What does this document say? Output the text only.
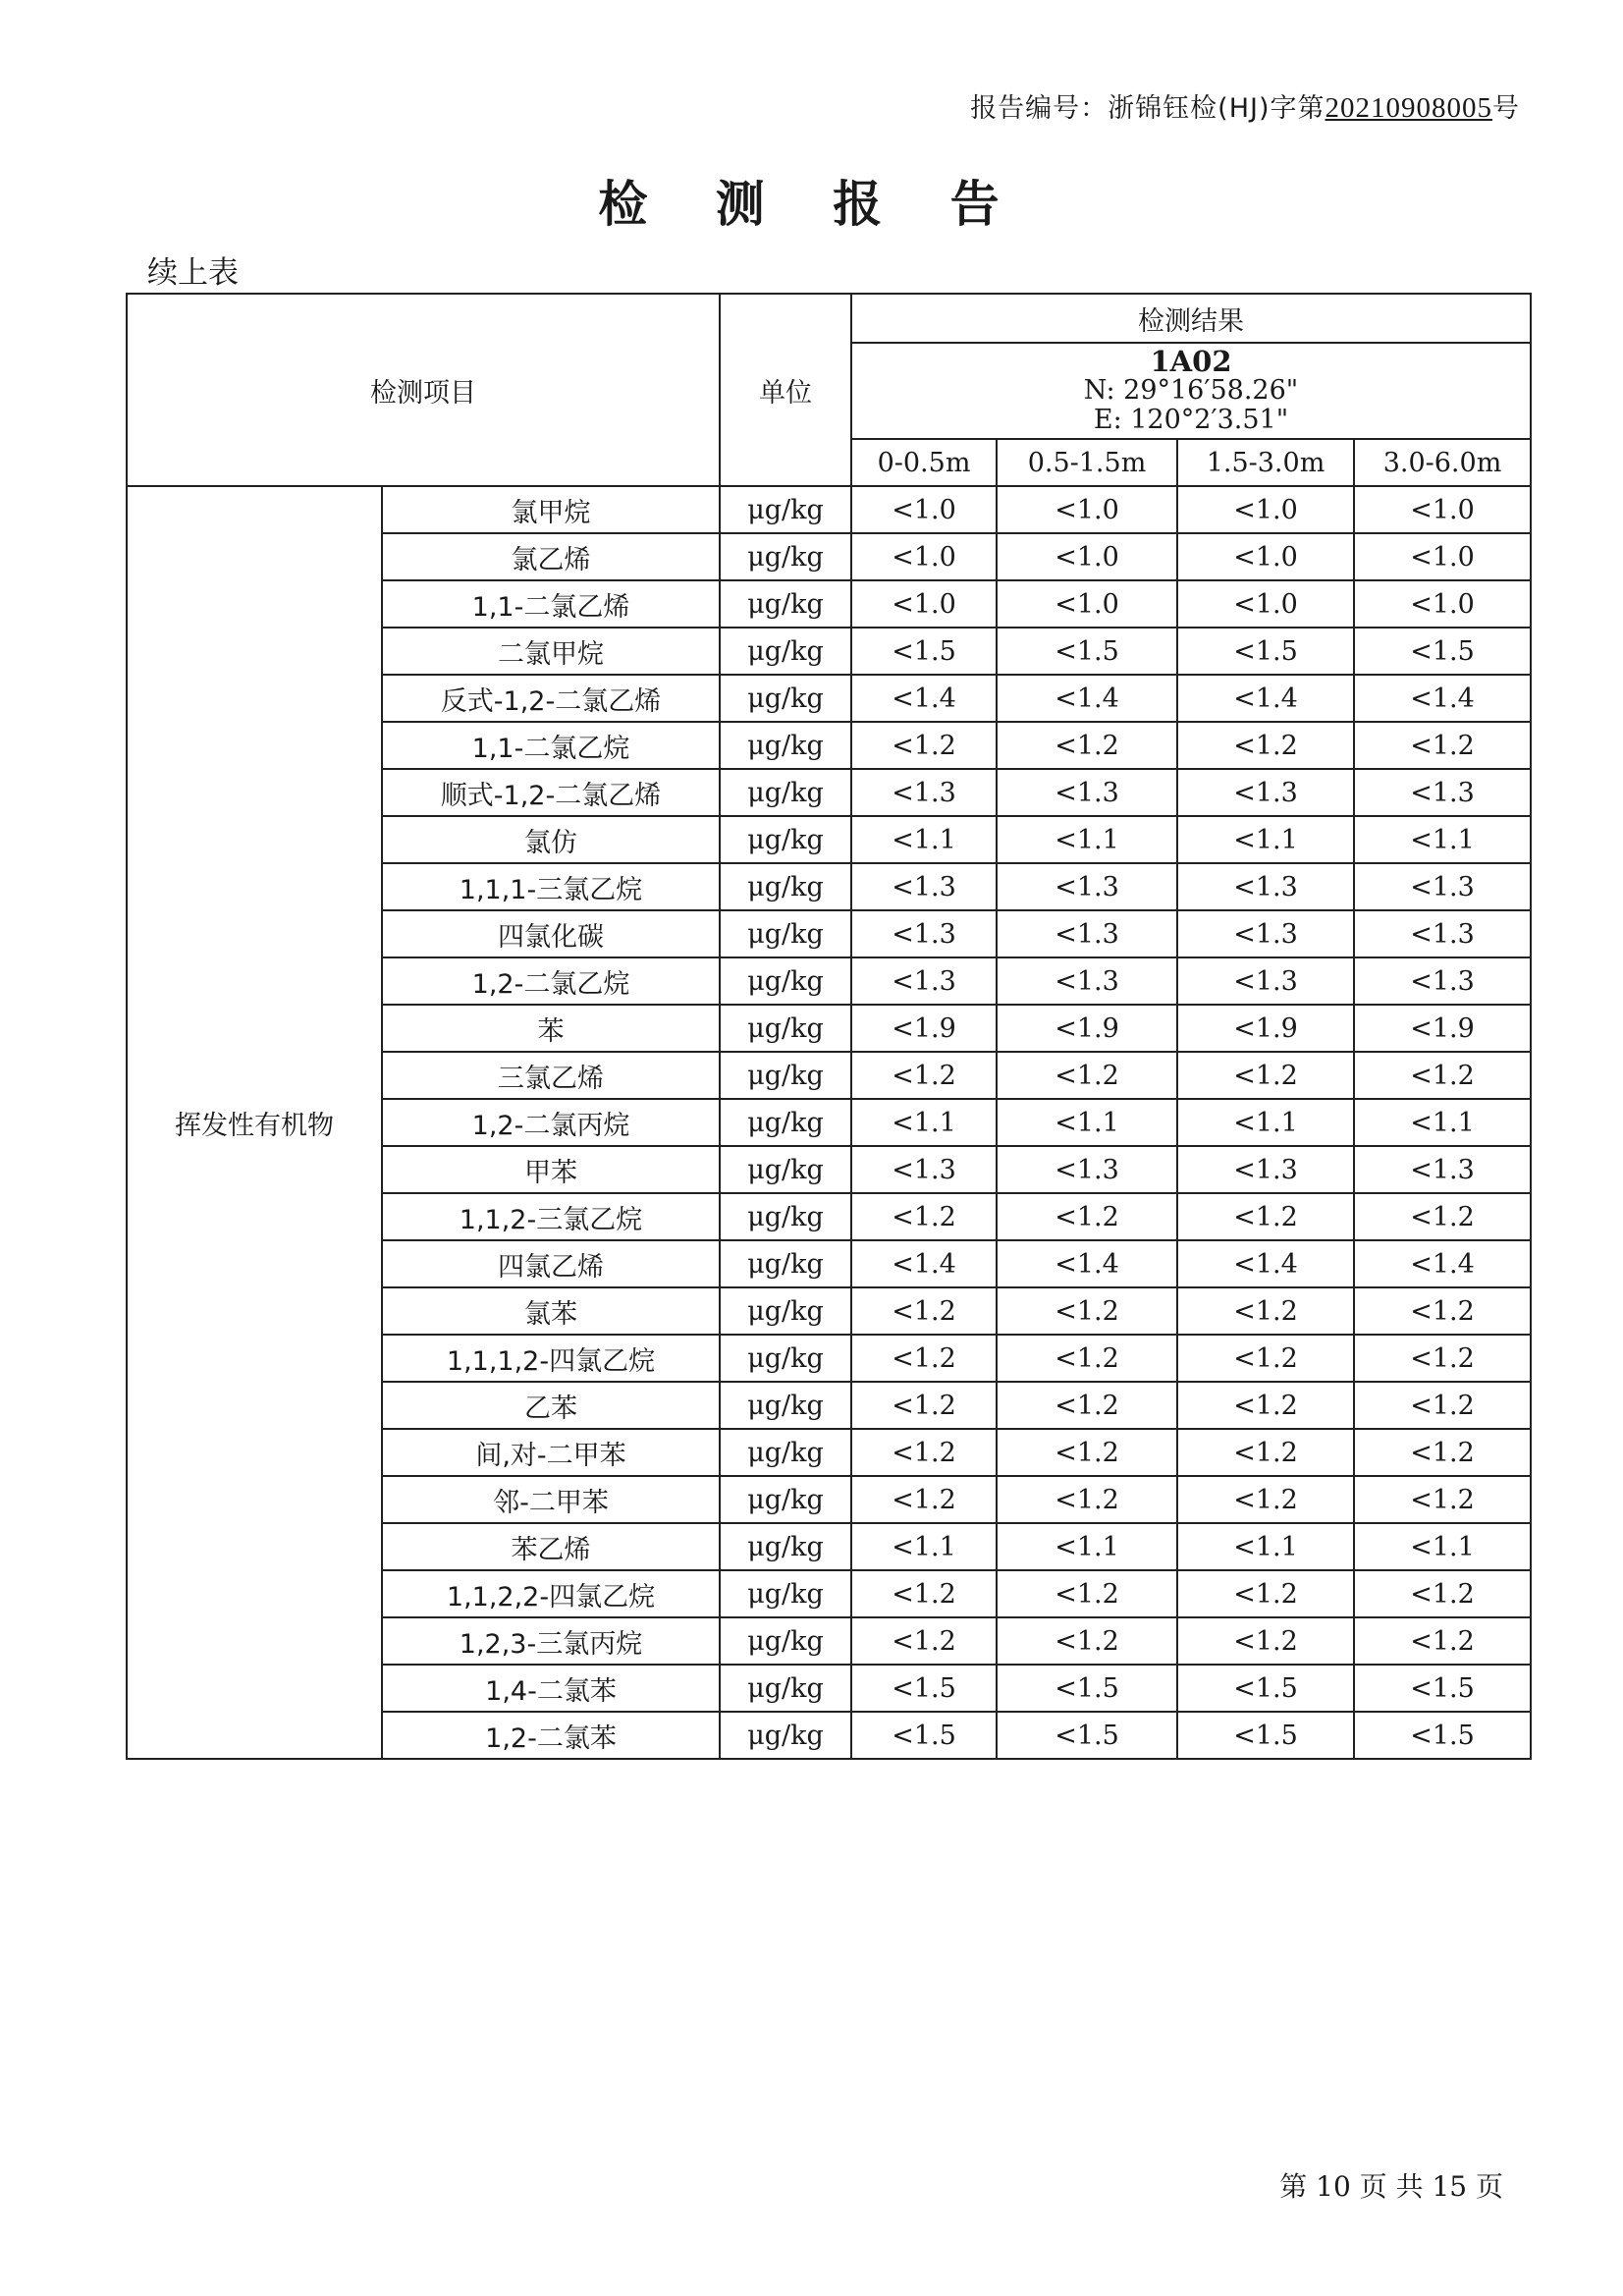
报告编号：浙锦钰检(HJ)字第20210908005号
检 测 报 告
续上表
检测项目		单位	检测结果			

			1A02
N: 29°16′58.26"
E: 120°2′3.51"			

			0-0.5m	0.5-1.5m	1.5-3.0m	3.0-6.0m
挥发性有机物	氯甲烷	μg/kg	<1.0	<1.0	<1.0	<1.0
	氯乙烯	μg/kg	<1.0	<1.0	<1.0	<1.0
	1,1-二氯乙烯	μg/kg	<1.0	<1.0	<1.0	<1.0
	二氯甲烷	μg/kg	<1.5	<1.5	<1.5	<1.5
	反式-1,2-二氯乙烯	μg/kg	<1.4	<1.4	<1.4	<1.4
	1,1-二氯乙烷	μg/kg	<1.2	<1.2	<1.2	<1.2
	顺式-1,2-二氯乙烯	μg/kg	<1.3	<1.3	<1.3	<1.3
	氯仿	μg/kg	<1.1	<1.1	<1.1	<1.1
	1,1,1-三氯乙烷	μg/kg	<1.3	<1.3	<1.3	<1.3
	四氯化碳	μg/kg	<1.3	<1.3	<1.3	<1.3
	1,2-二氯乙烷	μg/kg	<1.3	<1.3	<1.3	<1.3
	苯	μg/kg	<1.9	<1.9	<1.9	<1.9
	三氯乙烯	μg/kg	<1.2	<1.2	<1.2	<1.2
	1,2-二氯丙烷	μg/kg	<1.1	<1.1	<1.1	<1.1
	甲苯	μg/kg	<1.3	<1.3	<1.3	<1.3
	1,1,2-三氯乙烷	μg/kg	<1.2	<1.2	<1.2	<1.2
	四氯乙烯	μg/kg	<1.4	<1.4	<1.4	<1.4
	氯苯	μg/kg	<1.2	<1.2	<1.2	<1.2
	1,1,1,2-四氯乙烷	μg/kg	<1.2	<1.2	<1.2	<1.2
	乙苯	μg/kg	<1.2	<1.2	<1.2	<1.2
	间,对-二甲苯	μg/kg	<1.2	<1.2	<1.2	<1.2
	邻-二甲苯	μg/kg	<1.2	<1.2	<1.2	<1.2
	苯乙烯	μg/kg	<1.1	<1.1	<1.1	<1.1
	1,1,2,2-四氯乙烷	μg/kg	<1.2	<1.2	<1.2	<1.2
	1,2,3-三氯丙烷	μg/kg	<1.2	<1.2	<1.2	<1.2
	1,4-二氯苯	μg/kg	<1.5	<1.5	<1.5	<1.5
	1,2-二氯苯	μg/kg	<1.5	<1.5	<1.5	<1.5
第 10 页 共 15 页
